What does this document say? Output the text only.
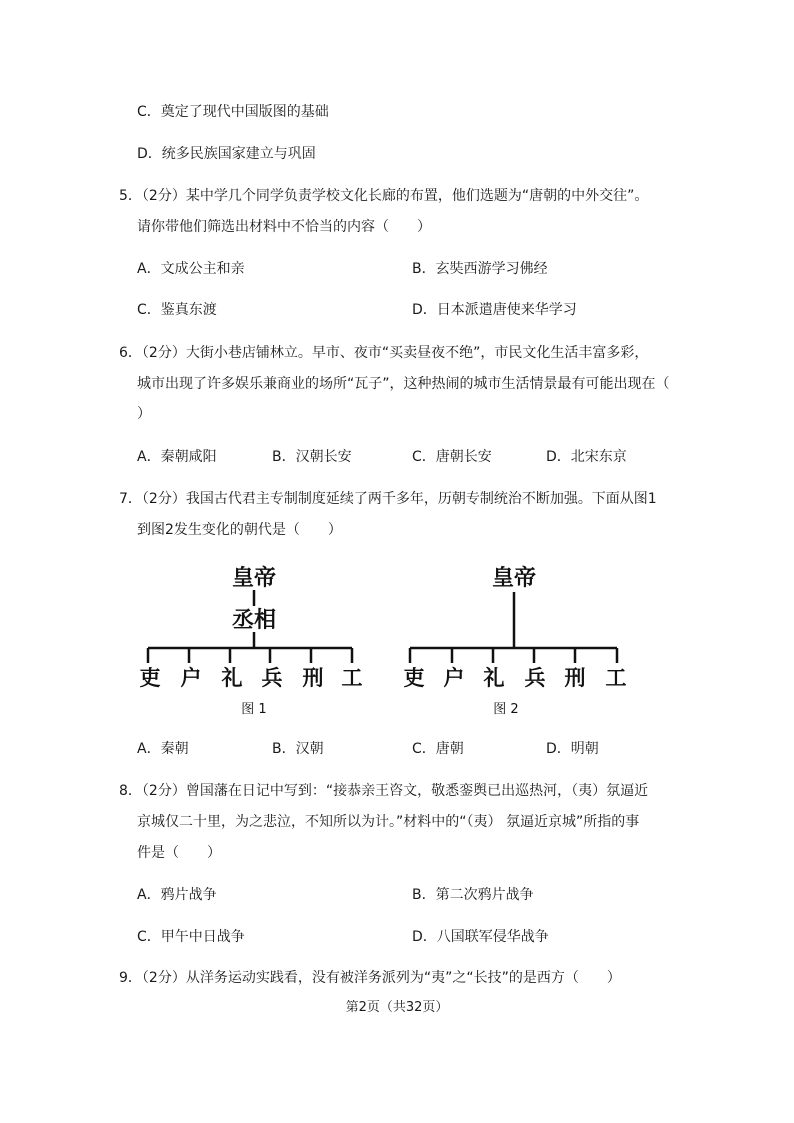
C．奠定了现代中国版图的基础
D．统多民族国家建立与巩固
5．（2分）某中学几个同学负责学校文化长廊的布置，他们选题为“唐朝的中外交往”。
请你带他们筛选出材料中不恰当的内容（　　）
A．文成公主和亲	B．玄奘西游学习佛经
C．鉴真东渡	D．日本派遣唐使来华学习
6．（2分）大街小巷店铺林立。早市、夜市“买卖昼夜不绝”，市民文化生活丰富多彩，
城市出现了许多娱乐兼商业的场所“瓦子”，这种热闹的城市生活情景最有可能出现在（
）
A．秦朝咸阳	B．汉朝长安	C．唐朝长安	D．北宋东京
7．（2分）我国古代君主专制制度延续了两千多年，历朝专制统治不断加强。下面从图1
到图2发生变化的朝代是（　　）
皇帝
丞相
吏 户 礼 兵 刑 工
图 1
皇帝
吏 户 礼 兵 刑 工
图 2
A．秦朝	B．汉朝	C．唐朝	D．明朝
8．（2分）曾国藩在日记中写到：“接恭亲王咨文，敬悉銮舆已出巡热河，（夷）氛逼近
京城仅二十里，为之悲泣，不知所以为计。”材料中的“（夷） 氛逼近京城”所指的事
件是（　　）
A．鸦片战争	B．第二次鸦片战争
C．甲午中日战争	D．八国联军侵华战争
9．（2分）从洋务运动实践看，没有被洋务派列为“夷”之“长技”的是西方（　　）
第2页（共32页）
